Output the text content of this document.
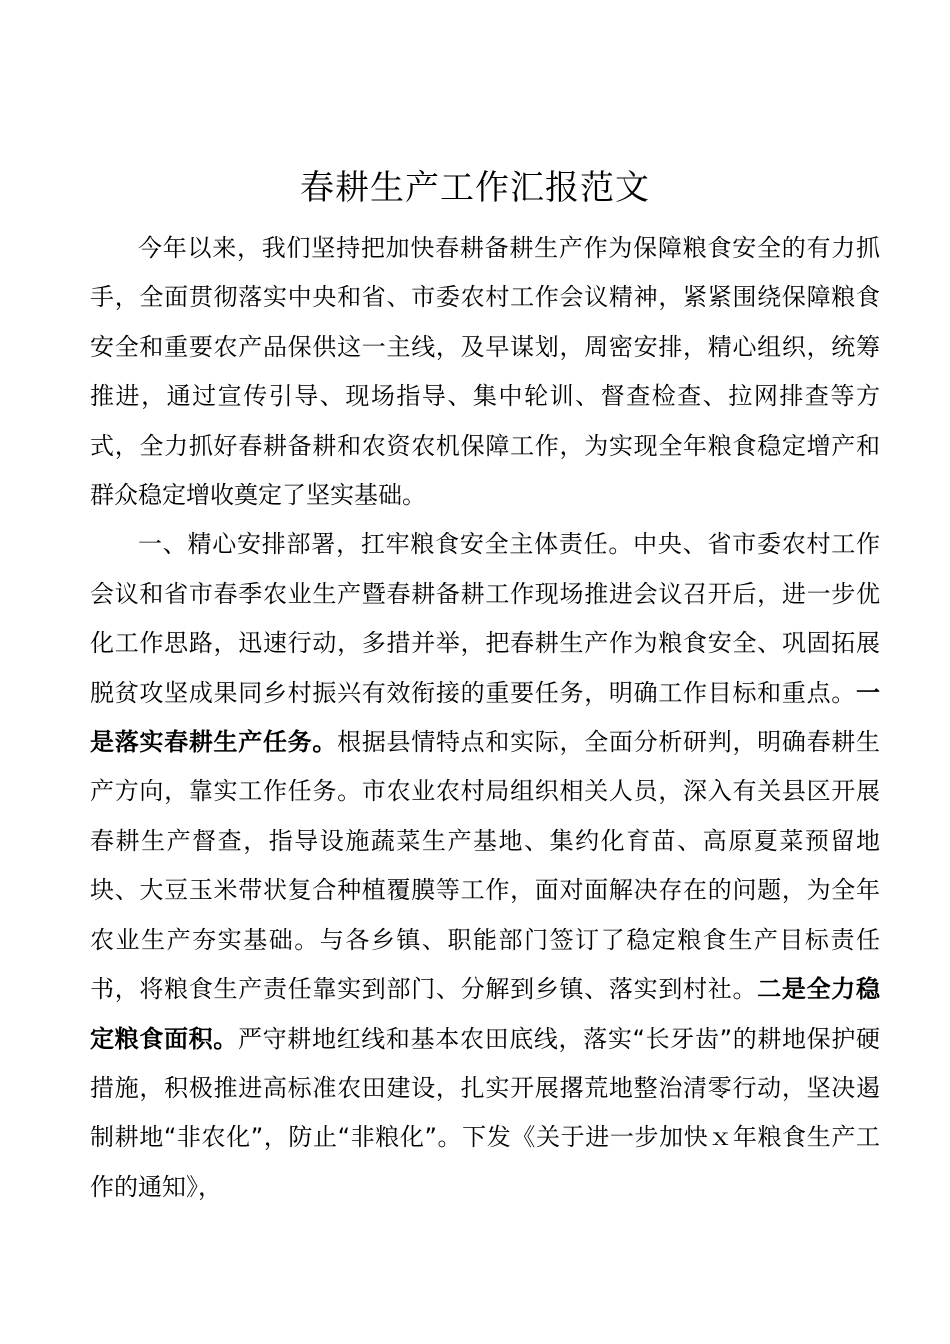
春耕生产工作汇报范文

今年以来，我们坚持把加快春耕备耕生产作为保障粮食安全的有力抓手，全面贯彻落实中央和省、市委农村工作会议精神，紧紧围绕保障粮食安全和重要农产品保供这一主线，及早谋划，周密安排，精心组织，统筹推进，通过宣传引导、现场指导、集中轮训、督查检查、拉网排查等方式，全力抓好春耕备耕和农资农机保障工作，为实现全年粮食稳定增产和群众稳定增收奠定了坚实基础。

一、精心安排部署，扛牢粮食安全主体责任。中央、省市委农村工作会议和省市春季农业生产暨春耕备耕工作现场推进会议召开后，进一步优化工作思路，迅速行动，多措并举，把春耕生产作为粮食安全、巩固拓展脱贫攻坚成果同乡村振兴有效衔接的重要任务，明确工作目标和重点。一是落实春耕生产任务。根据县情特点和实际，全面分析研判，明确春耕生产方向，靠实工作任务。市农业农村局组织相关人员，深入有关县区开展春耕生产督查，指导设施蔬菜生产基地、集约化育苗、高原夏菜预留地块、大豆玉米带状复合种植覆膜等工作，面对面解决存在的问题，为全年农业生产夯实基础。与各乡镇、职能部门签订了稳定粮食生产目标责任书，将粮食生产责任靠实到部门、分解到乡镇、落实到村社。二是全力稳定粮食面积。严守耕地红线和基本农田底线，落实“长牙齿”的耕地保护硬措施，积极推进高标准农田建设，扎实开展撂荒地整治清零行动，坚决遏制耕地“非农化”，防止“非粮化”。下发《关于进一步加快ｘ年粮食生产工作的通知》，
